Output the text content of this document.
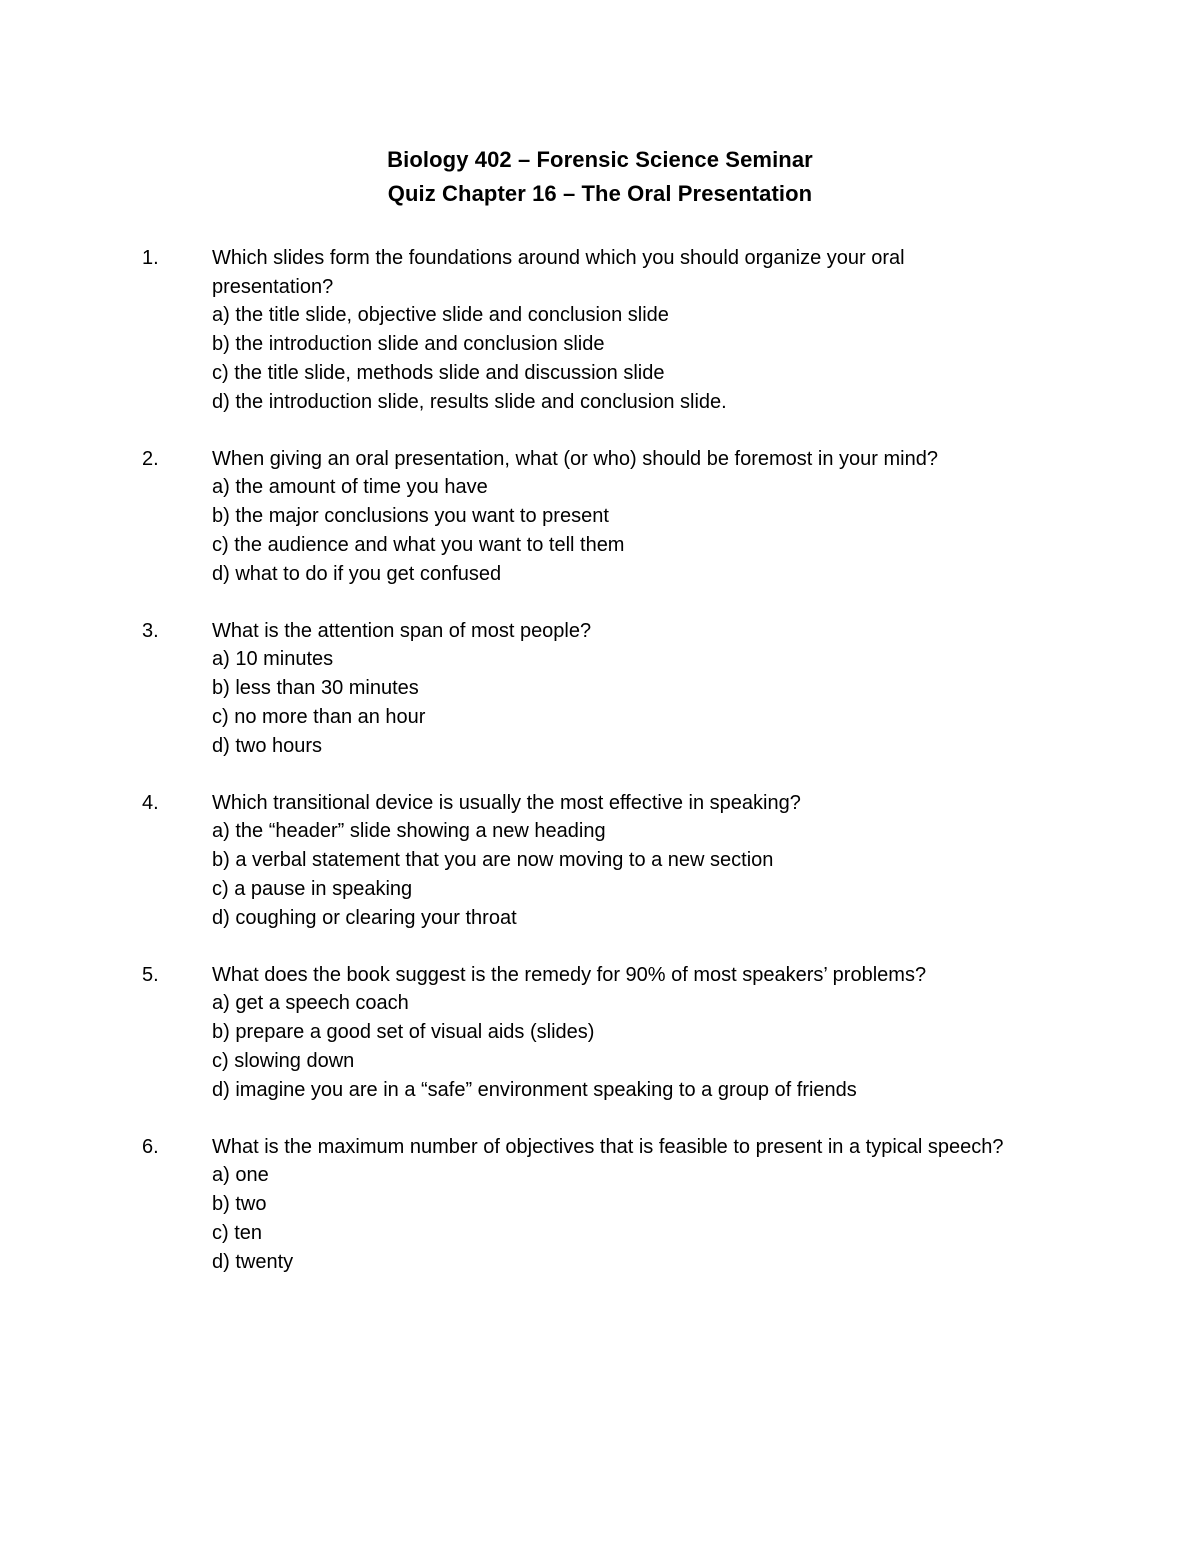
Biology 402 – Forensic Science Seminar
Quiz Chapter 16 – The Oral Presentation
1.	Which slides form the foundations around which you should organize your oral presentation?
a) the title slide, objective slide and conclusion slide
b) the introduction slide and conclusion slide
c) the title slide, methods slide and discussion slide
d) the introduction slide, results slide and conclusion slide.
2.	When giving an oral presentation, what (or who) should be foremost in your mind?
a) the amount of time you have
b) the major conclusions you want to present
c) the audience and what you want to tell them
d) what to do if you get confused
3.	What is the attention span of most people?
a) 10 minutes
b) less than 30 minutes
c) no more than an hour
d) two hours
4.	Which transitional device is usually the most effective in speaking?
a) the “header” slide showing a new heading
b) a verbal statement that you are now moving to a new section
c) a pause in speaking
d) coughing or clearing your throat
5.	What does the book suggest is the remedy for 90% of most speakers’ problems?
a) get a speech coach
b) prepare a good set of visual aids (slides)
c) slowing down
d) imagine you are in a “safe” environment speaking to a group of friends
6.	What is the maximum number of objectives that is feasible to present in a typical speech?
a) one
b) two
c) ten
d) twenty
